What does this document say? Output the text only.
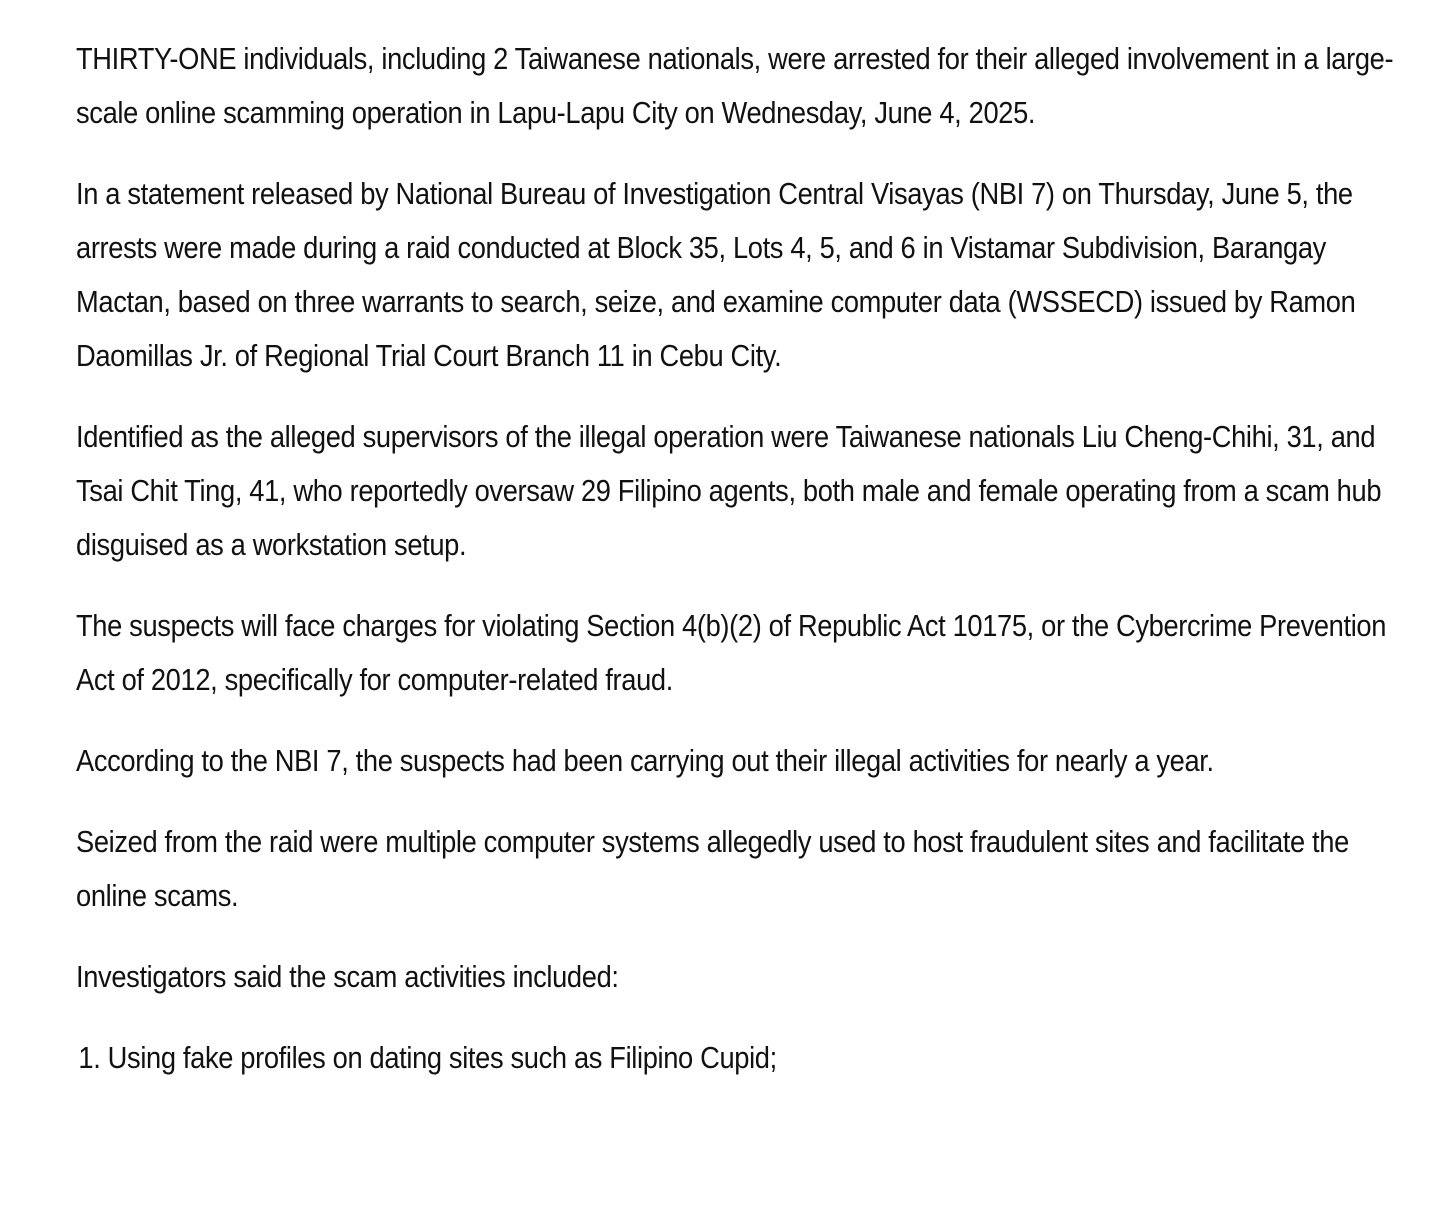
THIRTY-ONE individuals, including 2 Taiwanese nationals, were arrested for their alleged involvement in a large-scale online scamming operation in Lapu-Lapu City on Wednesday, June 4, 2025.

In a statement released by National Bureau of Investigation Central Visayas (NBI 7) on Thursday, June 5, the arrests were made during a raid conducted at Block 35, Lots 4, 5, and 6 in Vistamar Subdivision, Barangay Mactan, based on three warrants to search, seize, and examine computer data (WSSECD) issued by Ramon Daomillas Jr. of Regional Trial Court Branch 11 in Cebu City.

Identified as the alleged supervisors of the illegal operation were Taiwanese nationals Liu Cheng-Chihi, 31, and Tsai Chit Ting, 41, who reportedly oversaw 29 Filipino agents, both male and female operating from a scam hub disguised as a workstation setup.

The suspects will face charges for violating Section 4(b)(2) of Republic Act 10175, or the Cybercrime Prevention Act of 2012, specifically for computer-related fraud.

According to the NBI 7, the suspects had been carrying out their illegal activities for nearly a year.

Seized from the raid were multiple computer systems allegedly used to host fraudulent sites and facilitate the online scams.

Investigators said the scam activities included:

1. Using fake profiles on dating sites such as Filipino Cupid;
